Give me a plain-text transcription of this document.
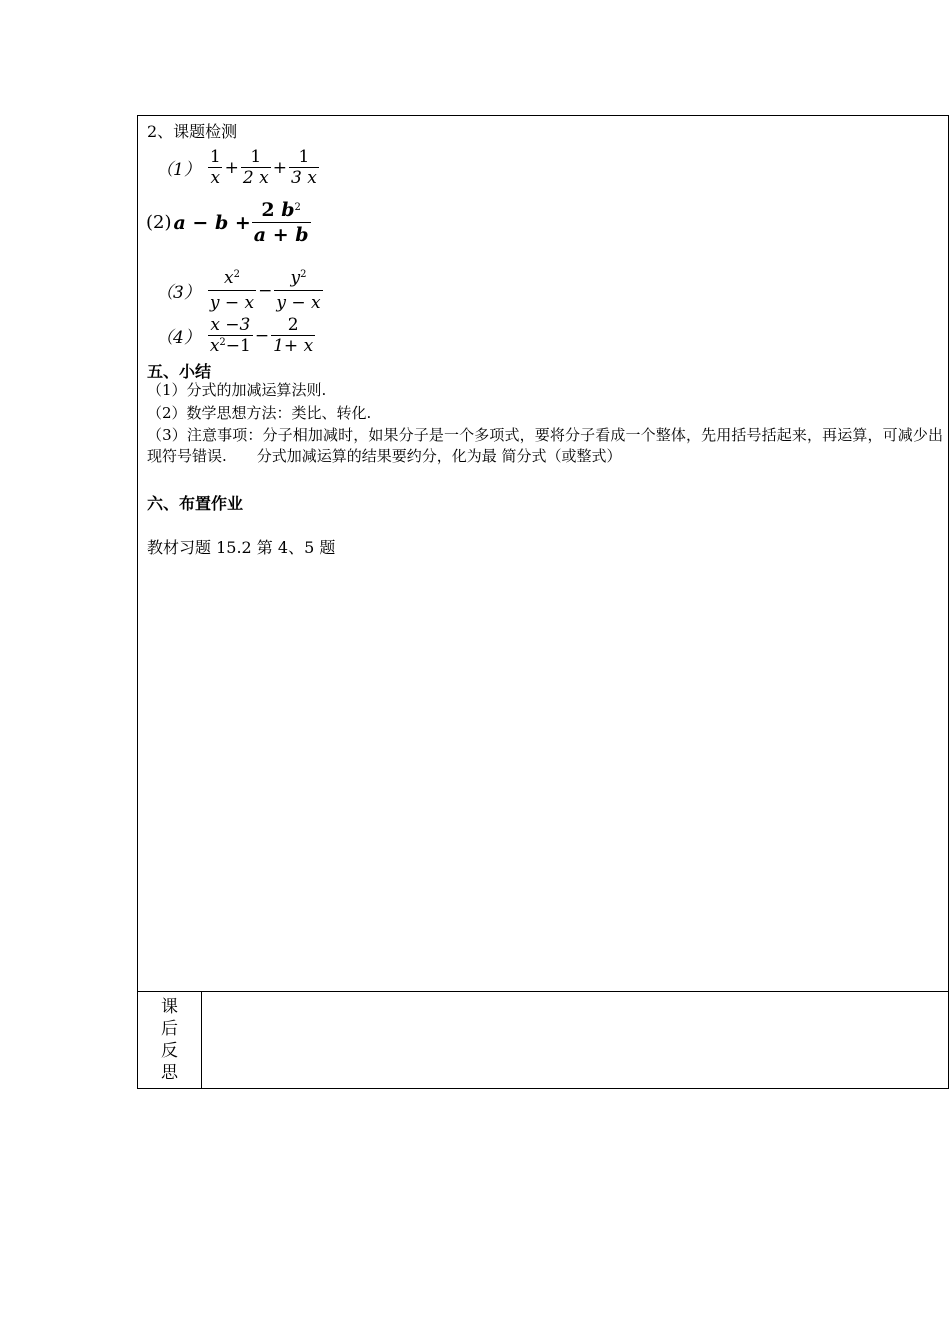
2、课题检测
$(1) \frac{1}{x} + \frac{1}{2 x} + \frac{1}{3 x}$
(2) $a - b + \frac{2 b^2}{a + b}$
$(3) \frac{x^2}{y - x} - \frac{y^2}{y - x}$
$(4) \frac{x -3}{x^2-1} - \frac{2}{1+ x}$
五、小结
（1）分式的加减运算法则.
（2）数学思想方法：类比、转化.
（3）注意事项：分子相加减时，如果分子是一个多项式，要将分子看成一个整体，先用括号括起来，再运算，可减少出现符号错误.　　分式加减运算的结果要约分，化为最 简分式（或整式）
六、布置作业
教材习题 15.2 第 4、5 题
课
后
反
思
